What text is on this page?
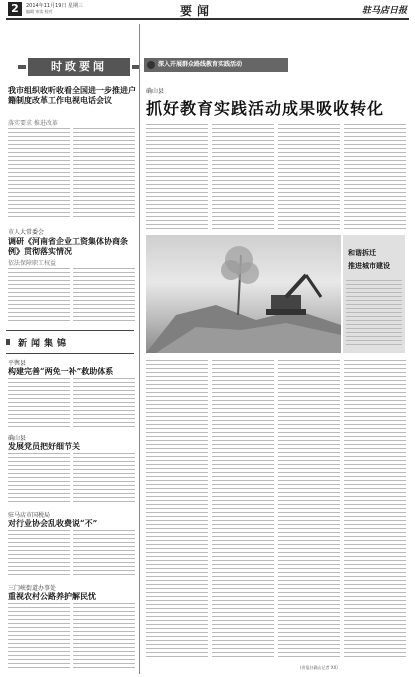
2	2014年11月19日 星期三
编辑 审读 校对	要闻	驻马店日报
时政要闻
我市组织收听收看全国进一步推进户籍制度改革工作电视电话会议
落实要求 推进改革
市人大常委会
调研《河南省企业工资集体协商条例》贯彻落实情况
依法保障职工权益
新闻集锦
平舆县
构建完善“两免一补”救助体系
确山县
发展党员把好细节关
驻马店市国税局
对行业协会乱收费说“不”
三门峡街道办事处
重视农村公路养护解民忧
深入开展群众路线教育实践活动
确山县
抓好教育实践活动成果吸收转化
和谐拆迁
推进城市建设
(省报驻确山记者 XX)
